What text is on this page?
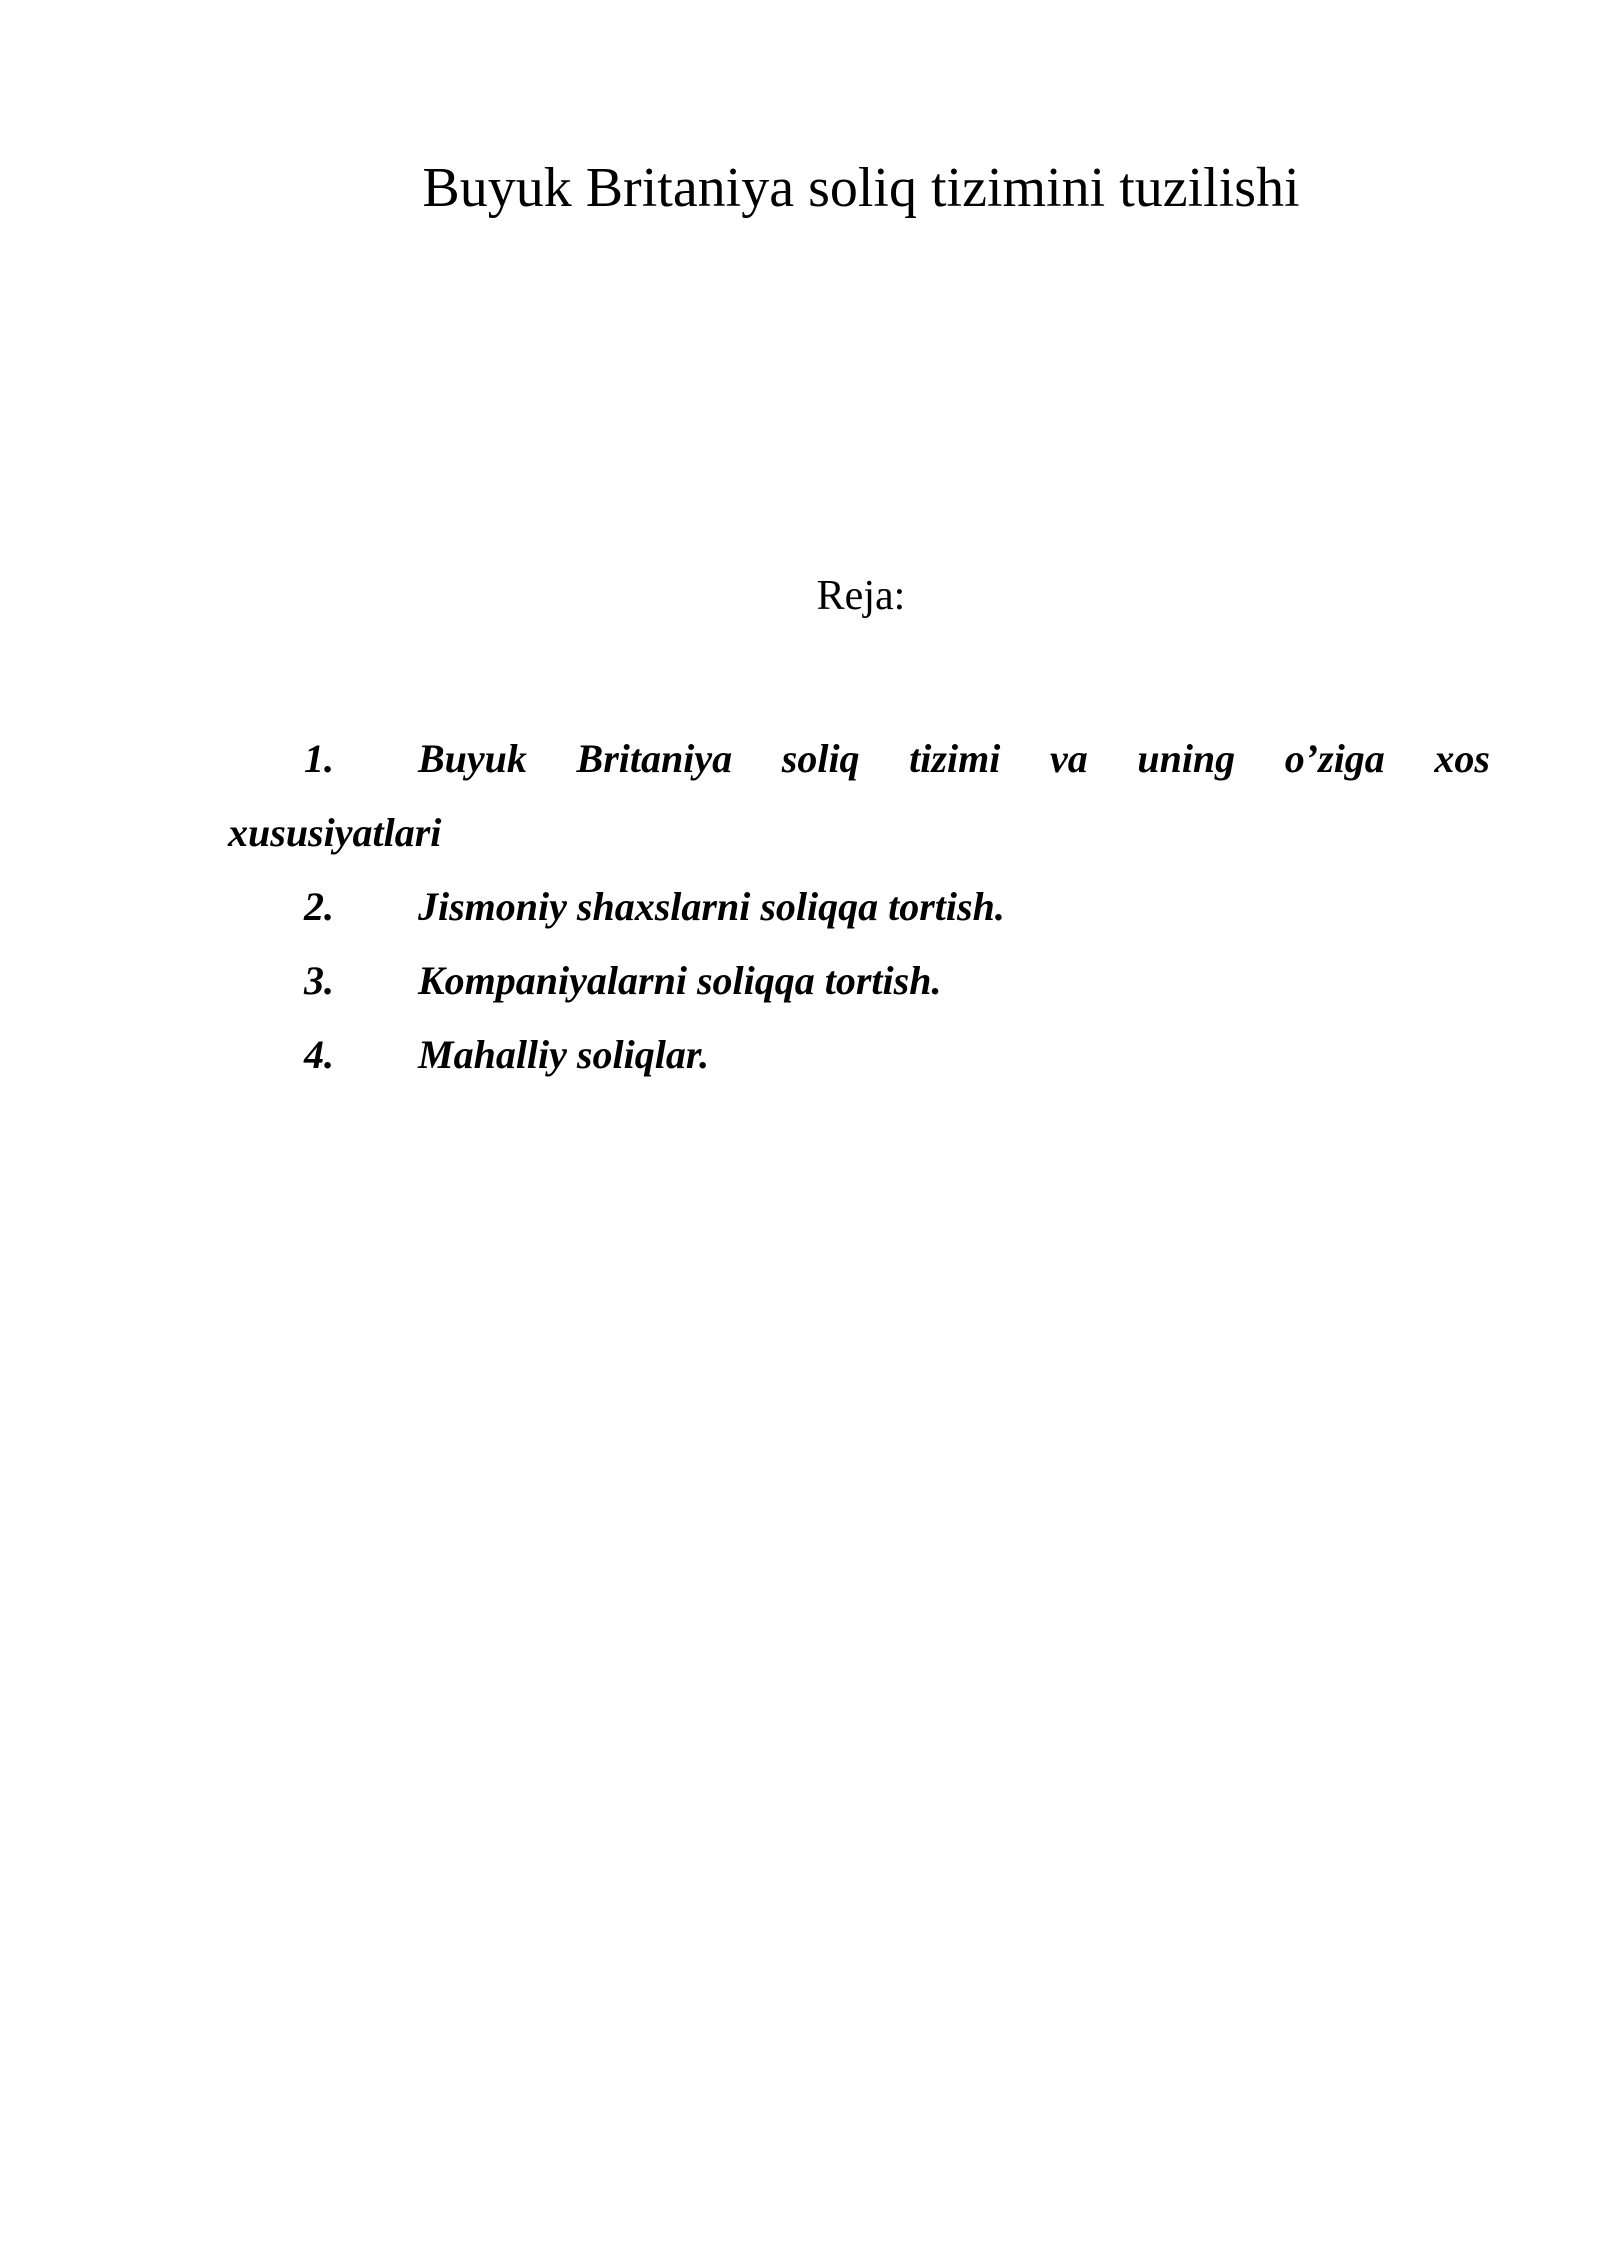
Buyuk Britaniya soliq tizimini tuzilishi
Reja:
1.	Buyuk Britaniya soliq tizimi va uning o’ziga xos
xususiyatlari
2. Jismoniy shaxslarni soliqqa tortish.
3. Kompaniyalarni soliqqa tortish.
4. Mahalliy soliqlar.
